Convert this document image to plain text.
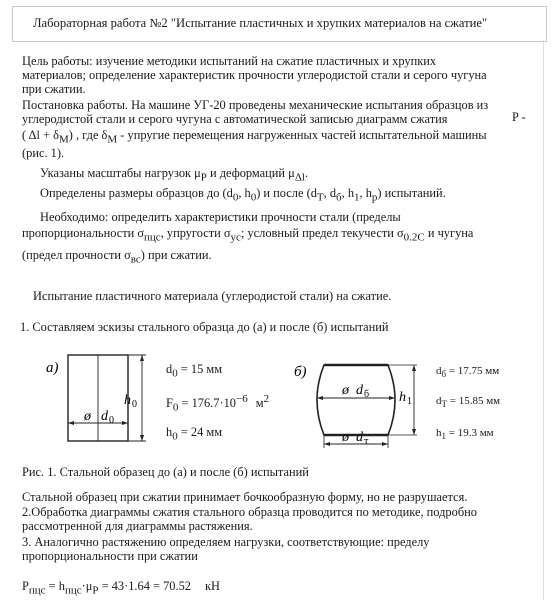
Лабораторная работа №2 "Испытание пластичных и хрупких материалов на сжатие"
Цель работы: изучение методики испытаний на сжатие пластичных и хрупких
материалов; определение характеристик прочности углеродистой стали и серого чугуна
при сжатии.
Постановка работы. На машине УГ-20 проведены механические испытания образцов из
углеродистой стали и серого чугуна с автоматической записью диаграмм сжатия	P -
( $\Delta l + \delta_M$) , где $\delta_M$ - упругие перемещения нагруженных частей испытательной машины
(рис. 1).
Указаны масштабы нагрузок $\mu_P$ и деформаций $\mu_{\Delta l}$.
Определены размеры образцов до ($d_0$, $h_0$) и после ($d_T$, $d_б$, $h_1$, $h_p$) испытаний.
Необходимо: определить характеристики прочности стали (пределы
пропорциональности $\sigma_{пцс}$, упругости $\sigma_{ус}$; условный предел текучести $\sigma_{0.2С}$ и чугуна
(предел прочности $\sigma_{вс}$) при сжатии.
Испытание пластичного материала (углеродистой стали) на сжатие.
1. Составляем эскизы стального образца до (а) и после (б) испытаний
а)
ø d 0
h 0
$d_0 = 15$ мм
$F_0 = 176.7\cdot 10^{-6}$ $м^2$
$h_0 = 24$ мм
б)
ø d б
ø d т
h 1
$d_б = 17.75$ мм
$d_T = 15.85$ мм
$h_1 = 19.3$ мм
Рис. 1. Стальной образец до (а) и после (б) испытаний
Стальной образец при сжатии принимает бочкообразную форму, но не разрушается.
2.Обработка диаграммы сжатия стального образца проводится по методике, подробно
рассмотренной для диаграммы растяжения.
3. Аналогично растяжению определяем нагрузки, соответствующие: пределу
пропорциональности при сжатии
$P_{пцс} = h_{пцс}\cdot\mu_P = 43\cdot 1.64 = 70.52$ кН
